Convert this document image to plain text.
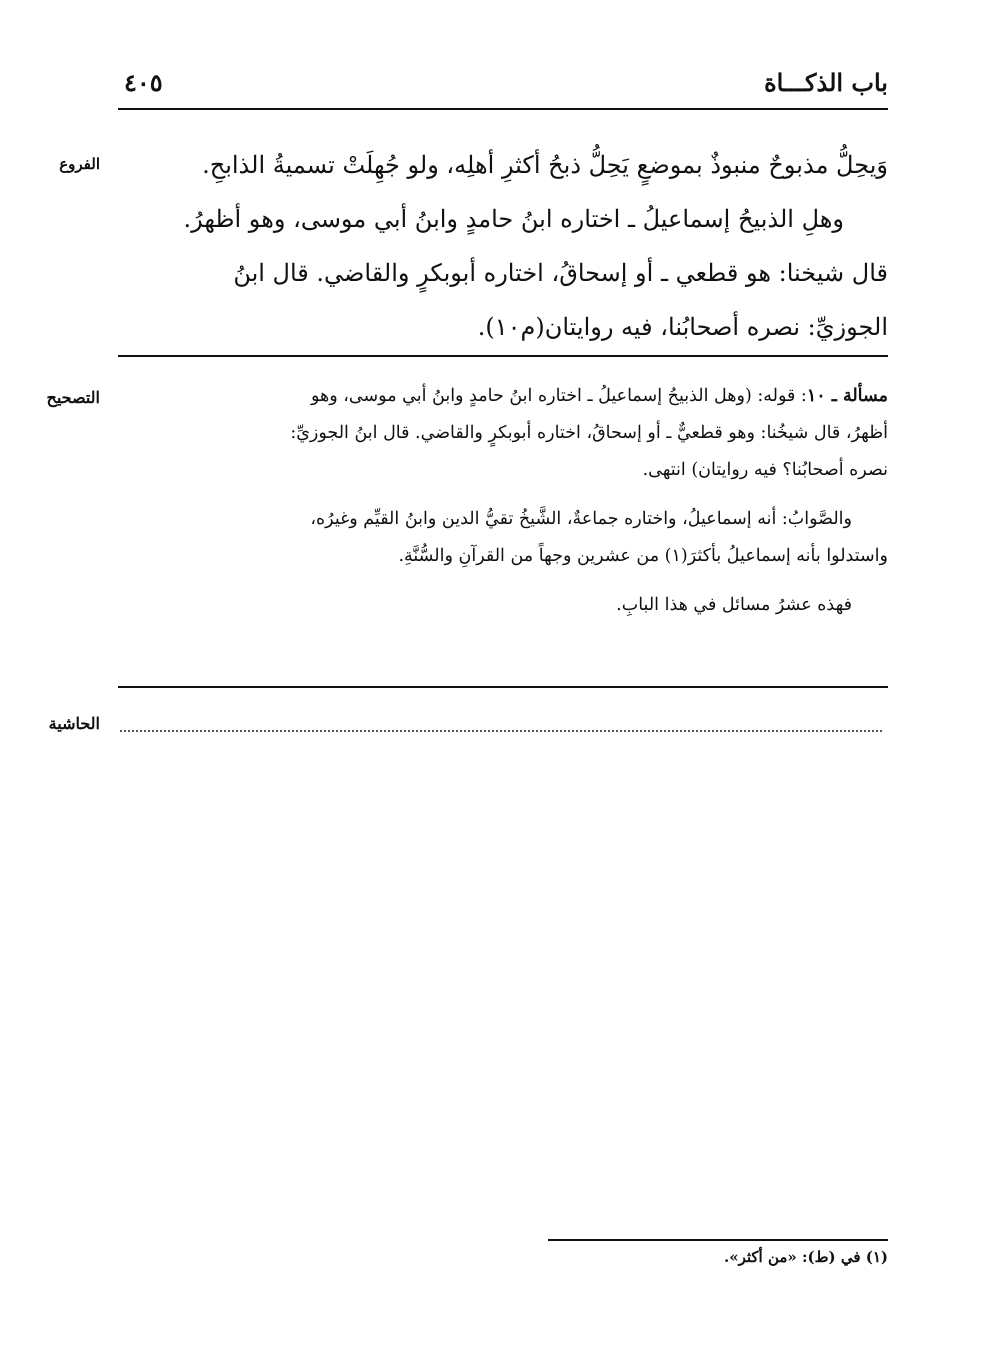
باب الذكـــاة
٤٠٥
الفروع	وَيحِلُّ مذبوحٌ منبوذٌ بموضعٍ يَحِلُّ ذبحُ أكثرِ أهلِه، ولو جُهِلَتْ تسميةُ الذابحِ.
وهلِ الذبيحُ إسماعيلُ ـ اختاره ابنُ حامدٍ وابنُ أبي موسى، وهو أظهرُ.
قال شيخنا: هو قطعي ـ أو إسحاقُ، اختاره أبوبكرٍ والقاضي. قال ابنُ
الجوزيِّ: نصره أصحابُنا، فيه روايتان(م١٠).
التصحيح	مسألة ـ ١٠: قوله: (وهل الذبيحُ إسماعيلُ ـ اختاره ابنُ حامدٍ وابنُ أبي موسى، وهو
أظهرُ، قال شيخُنا: وهو قطعيٌّ ـ أو إسحاقُ، اختاره أبوبكرٍ والقاضي. قال ابنُ الجوزيِّ:
نصره أصحابُنا؟ فيه روايتان) انتهى.
والصَّوابُ: أنه إسماعيلُ، واختاره جماعةٌ، الشَّيخُ تقيُّ الدين وابنُ القيِّم وغيرُه،
واستدلوا بأنه إسماعيلُ بأكثرَ(١) من عشرين وجهاً من القرآنِ والسُّنَّةِ.
فهذه عشرُ مسائل في هذا البابِ.
الحاشية
(١) في (ط): «من أكثر».
